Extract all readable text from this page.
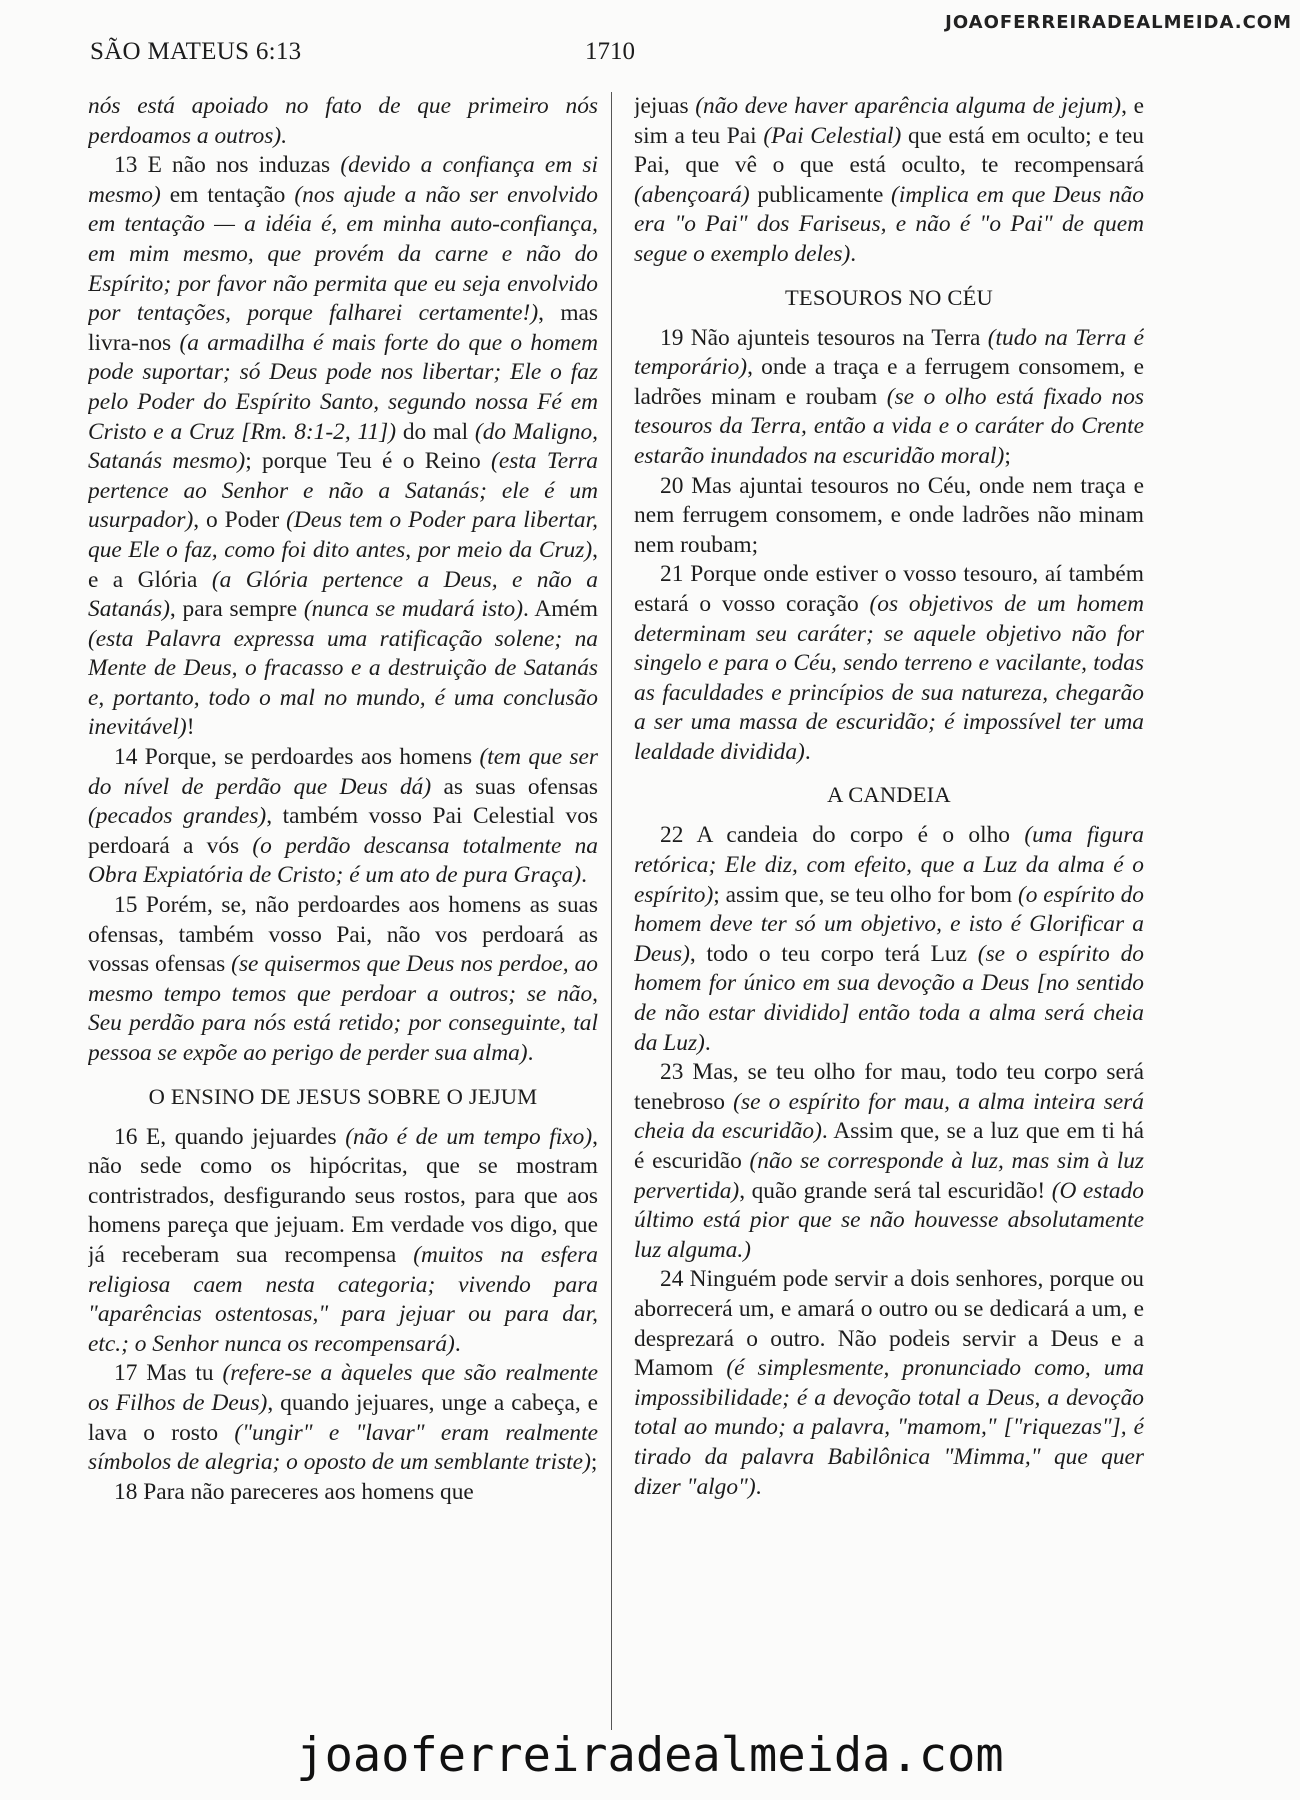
SÃO MATEUS 6:13	1710
JOAOFERREIRADEALMEIDA.COM

nós está apoiado no fato de que primeiro nós perdoamos a outros).

13 E não nos induzas (devido a confiança em si mesmo) em tentação (nos ajude a não ser envolvido em tentação — a idéia é, em minha auto-confiança, em mim mesmo, que provém da carne e não do Espírito; por favor não permita que eu seja envolvido por tentações, porque falharei certamente!), mas livra-nos (a armadilha é mais forte do que o homem pode suportar; só Deus pode nos libertar; Ele o faz pelo Poder do Espírito Santo, segundo nossa Fé em Cristo e a Cruz [Rm. 8:1-2, 11]) do mal (do Maligno, Satanás mesmo); porque Teu é o Reino (esta Terra pertence ao Senhor e não a Satanás; ele é um usurpador), o Poder (Deus tem o Poder para libertar, que Ele o faz, como foi dito antes, por meio da Cruz), e a Glória (a Glória pertence a Deus, e não a Satanás), para sempre (nunca se mudará isto). Amém (esta Palavra expressa uma ratificação solene; na Mente de Deus, o fracasso e a destruição de Satanás e, portanto, todo o mal no mundo, é uma conclusão inevitável)!

14 Porque, se perdoardes aos homens (tem que ser do nível de perdão que Deus dá) as suas ofensas (pecados grandes), também vosso Pai Celestial vos perdoará a vós (o perdão descansa totalmente na Obra Expiatória de Cristo; é um ato de pura Graça).

15 Porém, se, não perdoardes aos homens as suas ofensas, também vosso Pai, não vos perdoará as vossas ofensas (se quisermos que Deus nos perdoe, ao mesmo tempo temos que perdoar a outros; se não, Seu perdão para nós está retido; por conseguinte, tal pessoa se expõe ao perigo de perder sua alma).

O ENSINO DE JESUS SOBRE O JEJUM

16 E, quando jejuardes (não é de um tempo fixo), não sede como os hipócritas, que se mostram contristrados, desfigurando seus rostos, para que aos homens pareça que jejuam. Em verdade vos digo, que já receberam sua recompensa (muitos na esfera religiosa caem nesta categoria; vivendo para "aparências ostentosas," para jejuar ou para dar, etc.; o Senhor nunca os recompensará).

17 Mas tu (refere-se a àqueles que são realmente os Filhos de Deus), quando jejuares, unge a cabeça, e lava o rosto ("ungir" e "lavar" eram realmente símbolos de alegria; o oposto de um semblante triste);

18 Para não pareceres aos homens que

jejuas (não deve haver aparência alguma de jejum), e sim a teu Pai (Pai Celestial) que está em oculto; e teu Pai, que vê o que está oculto, te recompensará (abençoará) publicamente (implica em que Deus não era "o Pai" dos Fariseus, e não é "o Pai" de quem segue o exemplo deles).

TESOUROS NO CÉU

19 Não ajunteis tesouros na Terra (tudo na Terra é temporário), onde a traça e a ferrugem consomem, e ladrões minam e roubam (se o olho está fixado nos tesouros da Terra, então a vida e o caráter do Crente estarão inundados na escuridão moral);

20 Mas ajuntai tesouros no Céu, onde nem traça e nem ferrugem consomem, e onde ladrões não minam nem roubam;

21 Porque onde estiver o vosso tesouro, aí também estará o vosso coração (os objetivos de um homem determinam seu caráter; se aquele objetivo não for singelo e para o Céu, sendo terreno e vacilante, todas as faculdades e princípios de sua natureza, chegarão a ser uma massa de escuridão; é impossível ter uma lealdade dividida).

A CANDEIA

22 A candeia do corpo é o olho (uma figura retórica; Ele diz, com efeito, que a Luz da alma é o espírito); assim que, se teu olho for bom (o espírito do homem deve ter só um objetivo, e isto é Glorificar a Deus), todo o teu corpo terá Luz (se o espírito do homem for único em sua devoção a Deus [no sentido de não estar dividido] então toda a alma será cheia da Luz).

23 Mas, se teu olho for mau, todo teu corpo será tenebroso (se o espírito for mau, a alma inteira será cheia da escuridão). Assim que, se a luz que em ti há é escuridão (não se corresponde à luz, mas sim à luz pervertida), quão grande será tal escuridão! (O estado último está pior que se não houvesse absolutamente luz alguma.)

24 Ninguém pode servir a dois senhores, porque ou aborrecerá um, e amará o outro ou se dedicará a um, e desprezará o outro. Não podeis servir a Deus e a Mamom (é simplesmente, pronunciado como, uma impossibilidade; é a devoção total a Deus, a devoção total ao mundo; a palavra, "mamom," ["riquezas"], é tirado da palavra Babilônica "Mimma," que quer dizer "algo").

joaoferreiradealmeida.com
